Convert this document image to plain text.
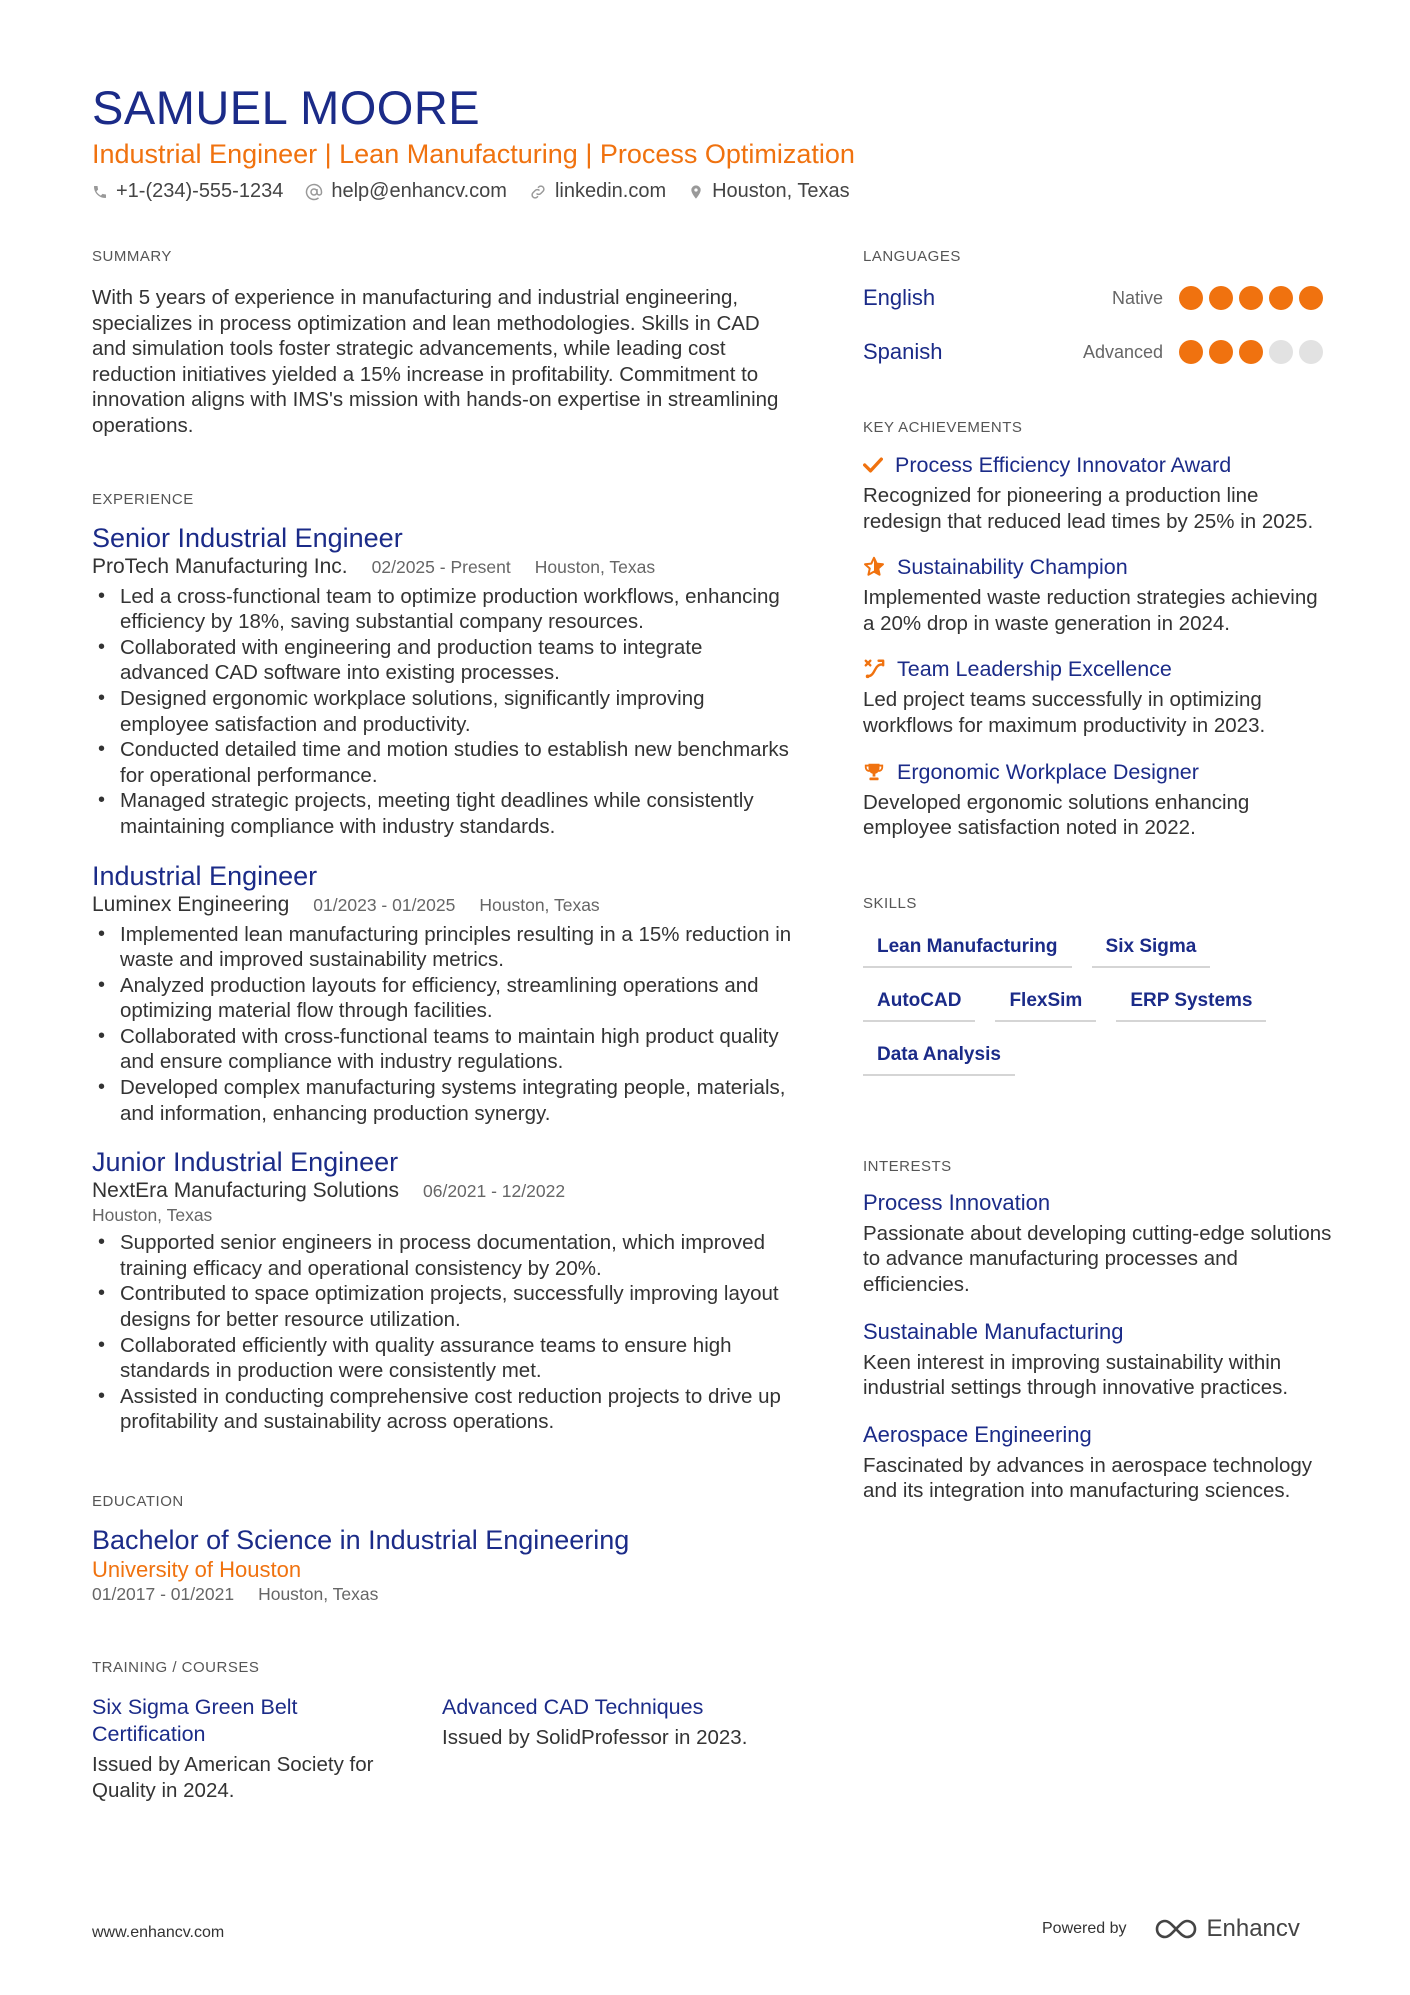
SAMUEL MOORE
Industrial Engineer | Lean Manufacturing | Process Optimization
+1-(234)-555-1234 help@enhancv.com linkedin.com Houston, Texas
SUMMARY
With 5 years of experience in manufacturing and industrial engineering, specializes in process optimization and lean methodologies. Skills in CAD and simulation tools foster strategic advancements, while leading cost reduction initiatives yielded a 15% increase in profitability. Commitment to innovation aligns with IMS's mission with hands-on expertise in streamlining operations.
EXPERIENCE
Senior Industrial Engineer
ProTech Manufacturing Inc. 02/2025 - Present Houston, Texas
• Led a cross-functional team to optimize production workflows, enhancing efficiency by 18%, saving substantial company resources.
• Collaborated with engineering and production teams to integrate advanced CAD software into existing processes.
• Designed ergonomic workplace solutions, significantly improving employee satisfaction and productivity.
• Conducted detailed time and motion studies to establish new benchmarks for operational performance.
• Managed strategic projects, meeting tight deadlines while consistently maintaining compliance with industry standards.
Industrial Engineer
Luminex Engineering 01/2023 - 01/2025 Houston, Texas
• Implemented lean manufacturing principles resulting in a 15% reduction in waste and improved sustainability metrics.
• Analyzed production layouts for efficiency, streamlining operations and optimizing material flow through facilities.
• Collaborated with cross-functional teams to maintain high product quality and ensure compliance with industry regulations.
• Developed complex manufacturing systems integrating people, materials, and information, enhancing production synergy.
Junior Industrial Engineer
NextEra Manufacturing Solutions 06/2021 - 12/2022
Houston, Texas
• Supported senior engineers in process documentation, which improved training efficacy and operational consistency by 20%.
• Contributed to space optimization projects, successfully improving layout designs for better resource utilization.
• Collaborated efficiently with quality assurance teams to ensure high standards in production were consistently met.
• Assisted in conducting comprehensive cost reduction projects to drive up profitability and sustainability across operations.
EDUCATION
Bachelor of Science in Industrial Engineering
University of Houston
01/2017 - 01/2021 Houston, Texas
TRAINING / COURSES
Six Sigma Green Belt Certification
Issued by American Society for Quality in 2024.
Advanced CAD Techniques
Issued by SolidProfessor in 2023.
LANGUAGES
English	Native
Spanish	Advanced
KEY ACHIEVEMENTS
Process Efficiency Innovator Award
Recognized for pioneering a production line redesign that reduced lead times by 25% in 2025.
Sustainability Champion
Implemented waste reduction strategies achieving a 20% drop in waste generation in 2024.
Team Leadership Excellence
Led project teams successfully in optimizing workflows for maximum productivity in 2023.
Ergonomic Workplace Designer
Developed ergonomic solutions enhancing employee satisfaction noted in 2022.
SKILLS
Lean Manufacturing	Six Sigma
AutoCAD	FlexSim	ERP Systems
Data Analysis
INTERESTS
Process Innovation
Passionate about developing cutting-edge solutions to advance manufacturing processes and efficiencies.
Sustainable Manufacturing
Keen interest in improving sustainability within industrial settings through innovative practices.
Aerospace Engineering
Fascinated by advances in aerospace technology and its integration into manufacturing sciences.
www.enhancv.com	Powered by	Enhancv
